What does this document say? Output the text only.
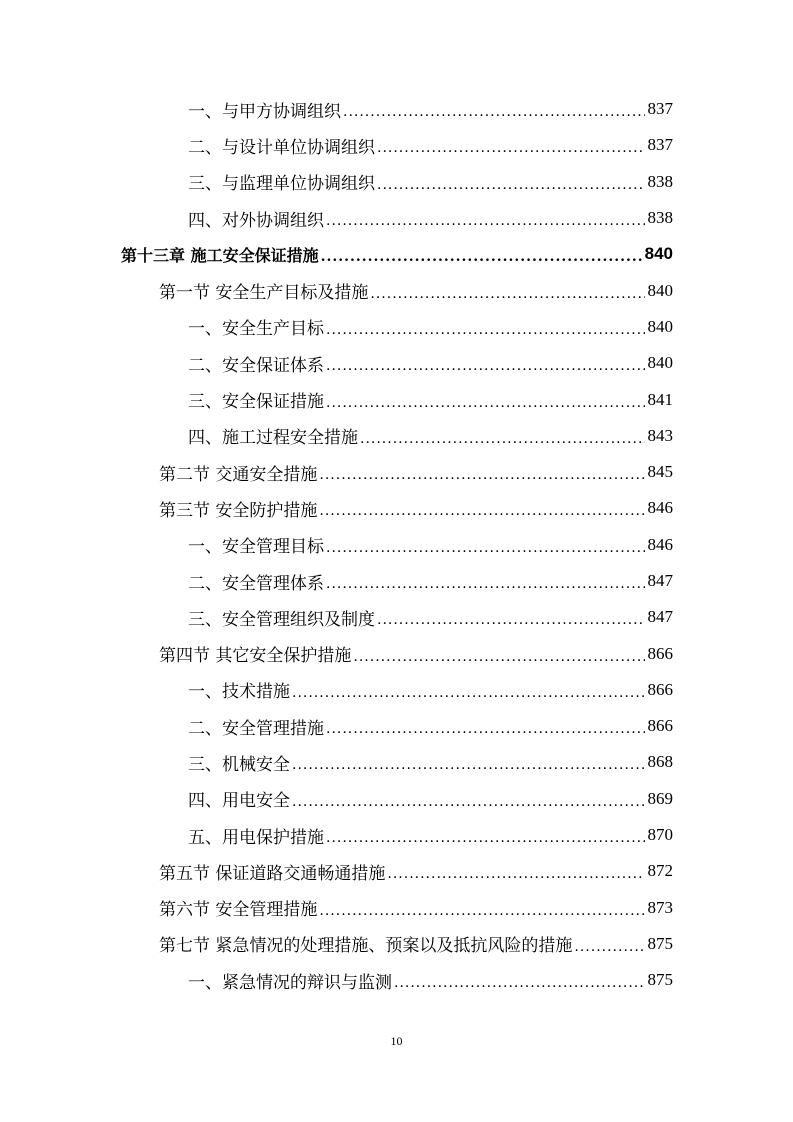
一、与甲方协调组织 .....	837
二、与设计单位协调组织 .....	837
三、与监理单位协调组织 .....	838
四、对外协调组织 .....	838
第十三章 施工安全保证措施 .....	840
第一节 安全生产目标及措施 .....	840
一、安全生产目标 .....	840
二、安全保证体系 .....	840
三、安全保证措施 .....	841
四、施工过程安全措施 .....	843
第二节 交通安全措施 .....	845
第三节 安全防护措施 .....	846
一、安全管理目标 .....	846
二、安全管理体系 .....	847
三、安全管理组织及制度 .....	847
第四节 其它安全保护措施 .....	866
一、技术措施 .....	866
二、安全管理措施 .....	866
三、机械安全 .....	868
四、用电安全 .....	869
五、用电保护措施 .....	870
第五节 保证道路交通畅通措施 .....	872
第六节 安全管理措施 .....	873
第七节 紧急情况的处理措施、预案以及抵抗风险的措施 .....	875
一、紧急情况的辩识与监测 .....	875
10
